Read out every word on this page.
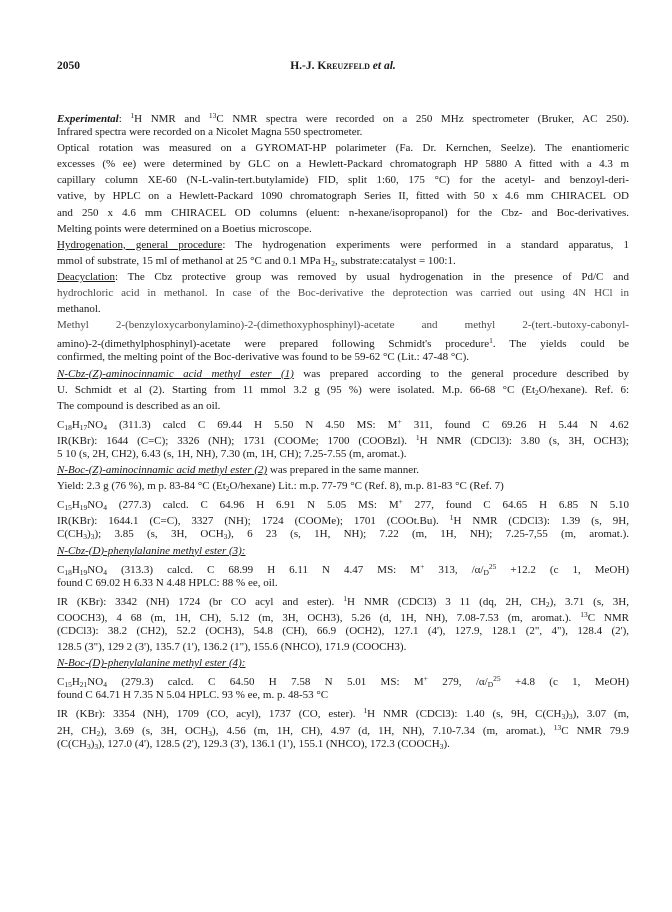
2050	H.-J. Kreuzfeld et al.
Experimental: $^1$H NMR and $^{13}$C NMR spectra were recorded on a 250 MHz spectrometer (Bruker, AC 250).
Infrared spectra were recorded on a Nicolet Magna 550 spectrometer.
Optical rotation was measured on a GYROMAT-HP polarimeter (Fa. Dr. Kernchen, Seelze). The enantiomeric
excesses (% ee) were determined by GLC on a Hewlett-Packard chromatograph HP 5880 A fitted with a 4.3 m
capillary column XE-60 (N-L-valin-tert.butylamide) FID, split 1:60, 175 °C) for the acetyl- and benzoyl-deri-
vative, by HPLC on a Hewlett-Packard 1090 chromatograph Series II, fitted with 50 x 4.6 mm CHIRACEL OD
and 250 x 4.6 mm CHIRACEL OD columns (eluent: n-hexane/isopropanol) for the Cbz- and Boc-derivatives.
Melting points were determined on a Boetius microscope.
Hydrogenation, general procedure: The hydrogenation experiments were performed in a standard apparatus, 1
mmol of substrate, 15 ml of methanol at 25 °C and 0.1 MPa $H_2$, substrate:catalyst = 100:1.
Deacyclation: The Cbz protective group was removed by usual hydrogenation in the presence of Pd/C and
hydrochloric acid in methanol. In case of the Boc-derivative the deprotection was carried out using 4N HCl in
methanol.
Methyl 2-(benzyloxycarbonylamino)-2-(dimethoxyphosphinyl)-acetate and methyl 2-(tert.-butoxy-cabonyl-
amino)-2-(dimethylphosphinyl)-acetate were prepared following Schmidt's procedure$^1$. The yields could be
confirmed, the melting point of the Boc-derivative was found to be 59-62 °C (Lit.: 47-48 °C).
N-Cbz-(Z)-aminocinnamic acid methyl ester (1) was prepared according to the general procedure described by
U. Schmidt et al (2). Starting from 11 mmol 3.2 g (95 %) were isolated. M.p. 66-68 °C $(Et_2O/hexane)$. Ref. 6:
The compound is described as an oil.
$C_{18}H_{17}NO_4$ (311.3) calcd C 69.44 H 5.50 N 4.50 MS: M+ 311, found C 69.26 H 5.44 N 4.62
IR(KBr): 1644 (C=C); 3326 (NH); 1731 (COOMe; 1700 (COOBzl). $^1$H NMR (CDCl3): 3.80 (s, 3H, OCH3);
5 10 (s, 2H, CH2), 6.43 (s, 1H, NH), 7.30 (m, 1H, CH); 7.25-7.55 (m, aromat.).
N-Boc-(Z)-aminocinnamic acid methyl ester (2) was prepared in the same manner.
Yield: 2.3 g (76 %), m p. 83-84 °C $(Et_2O/hexane)$ Lit.: m.p. 77-79 °C (Ref. 8), m.p. 81-83 °C (Ref. 7)
$C_{15}H_{19}NO_4$ (277.3) calcd. C 64.96 H 6.91 N 5.05 MS: M+ 277, found C 64.65 H 6.85 N 5.10
IR(KBr): 1644.1 (C=C), 3327 (NH); 1724 (COOMe); 1701 (COOt.Bu). $^1$H NMR (CDCl3): 1.39 (s, 9H,
$C(CH_3)_3$); 3.85 (s, 3H, $OCH_3$), 6 23 (s, 1H, NH); 7.22 (m, 1H, NH); 7.25-7,55 (m, aromat.).
N-Cbz-(D)-phenylalanine methyl ester (3):
$C_{18}H_{19}NO_4$ (313.3) calcd. C 68.99 H 6.11 N 4.47 MS: M+ 313, $/\alpha/_D^{25} +12.2$ (c 1, MeOH)
found C 69.02 H 6.33 N 4.48 HPLC: 88 % ee, oil.
IR (KBr): 3342 (NH) 1724 (br CO acyl and ester). $^1$H NMR (CDCl3) 3 11 (dq, 2H, $CH_2$), 3.71 (s, 3H,
COOCH3), 4 68 (m, 1H, CH), 5.12 (m, 3H, OCH3), 5.26 (d, 1H, NH), 7.08-7.53 (m, aromat.). $^{13}$C NMR
(CDCl3): 38.2 (CH2), 52.2 (OCH3), 54.8 (CH), 66.9 (OCH2), 127.1 (4'), 127.9, 128.1 (2", 4"), 128.4 (2'),
128.5 (3"), 129 2 (3'), 135.7 (1'), 136.2 (1"), 155.6 (NHCO), 171.9 (COOCH3).
N-Boc-(D)-phenylalanine methyl ester (4):
$C_{15}H_{21}NO_4$ (279.3) calcd. C 64.50 H 7.58 N 5.01 MS: M+ 279, $/\alpha/_D^{25} +4.8$ (c 1, MeOH)
found C 64.71 H 7.35 N 5.04 HPLC. 93 % ee, m. p. 48-53 °C
IR (KBr): 3354 (NH), 1709 (CO, acyl), 1737 (CO, ester). $^1$H NMR (CDCl3): 1.40 (s, 9H, $C(CH_3)_3$), 3.07 (m,
2H, $CH_2$), 3.69 (s, 3H, $OCH_3$), 4.56 (m, 1H, CH), 4.97 (d, 1H, NH), 7.10-7.34 (m, aromat.), $^{13}$C NMR 79.9
$(C(CH_3)_3)$, 127.0 (4'), 128.5 (2'), 129.3 (3'), 136.1 (1'), 155.1 (NHCO), 172.3 $(COOCH_3)$.
